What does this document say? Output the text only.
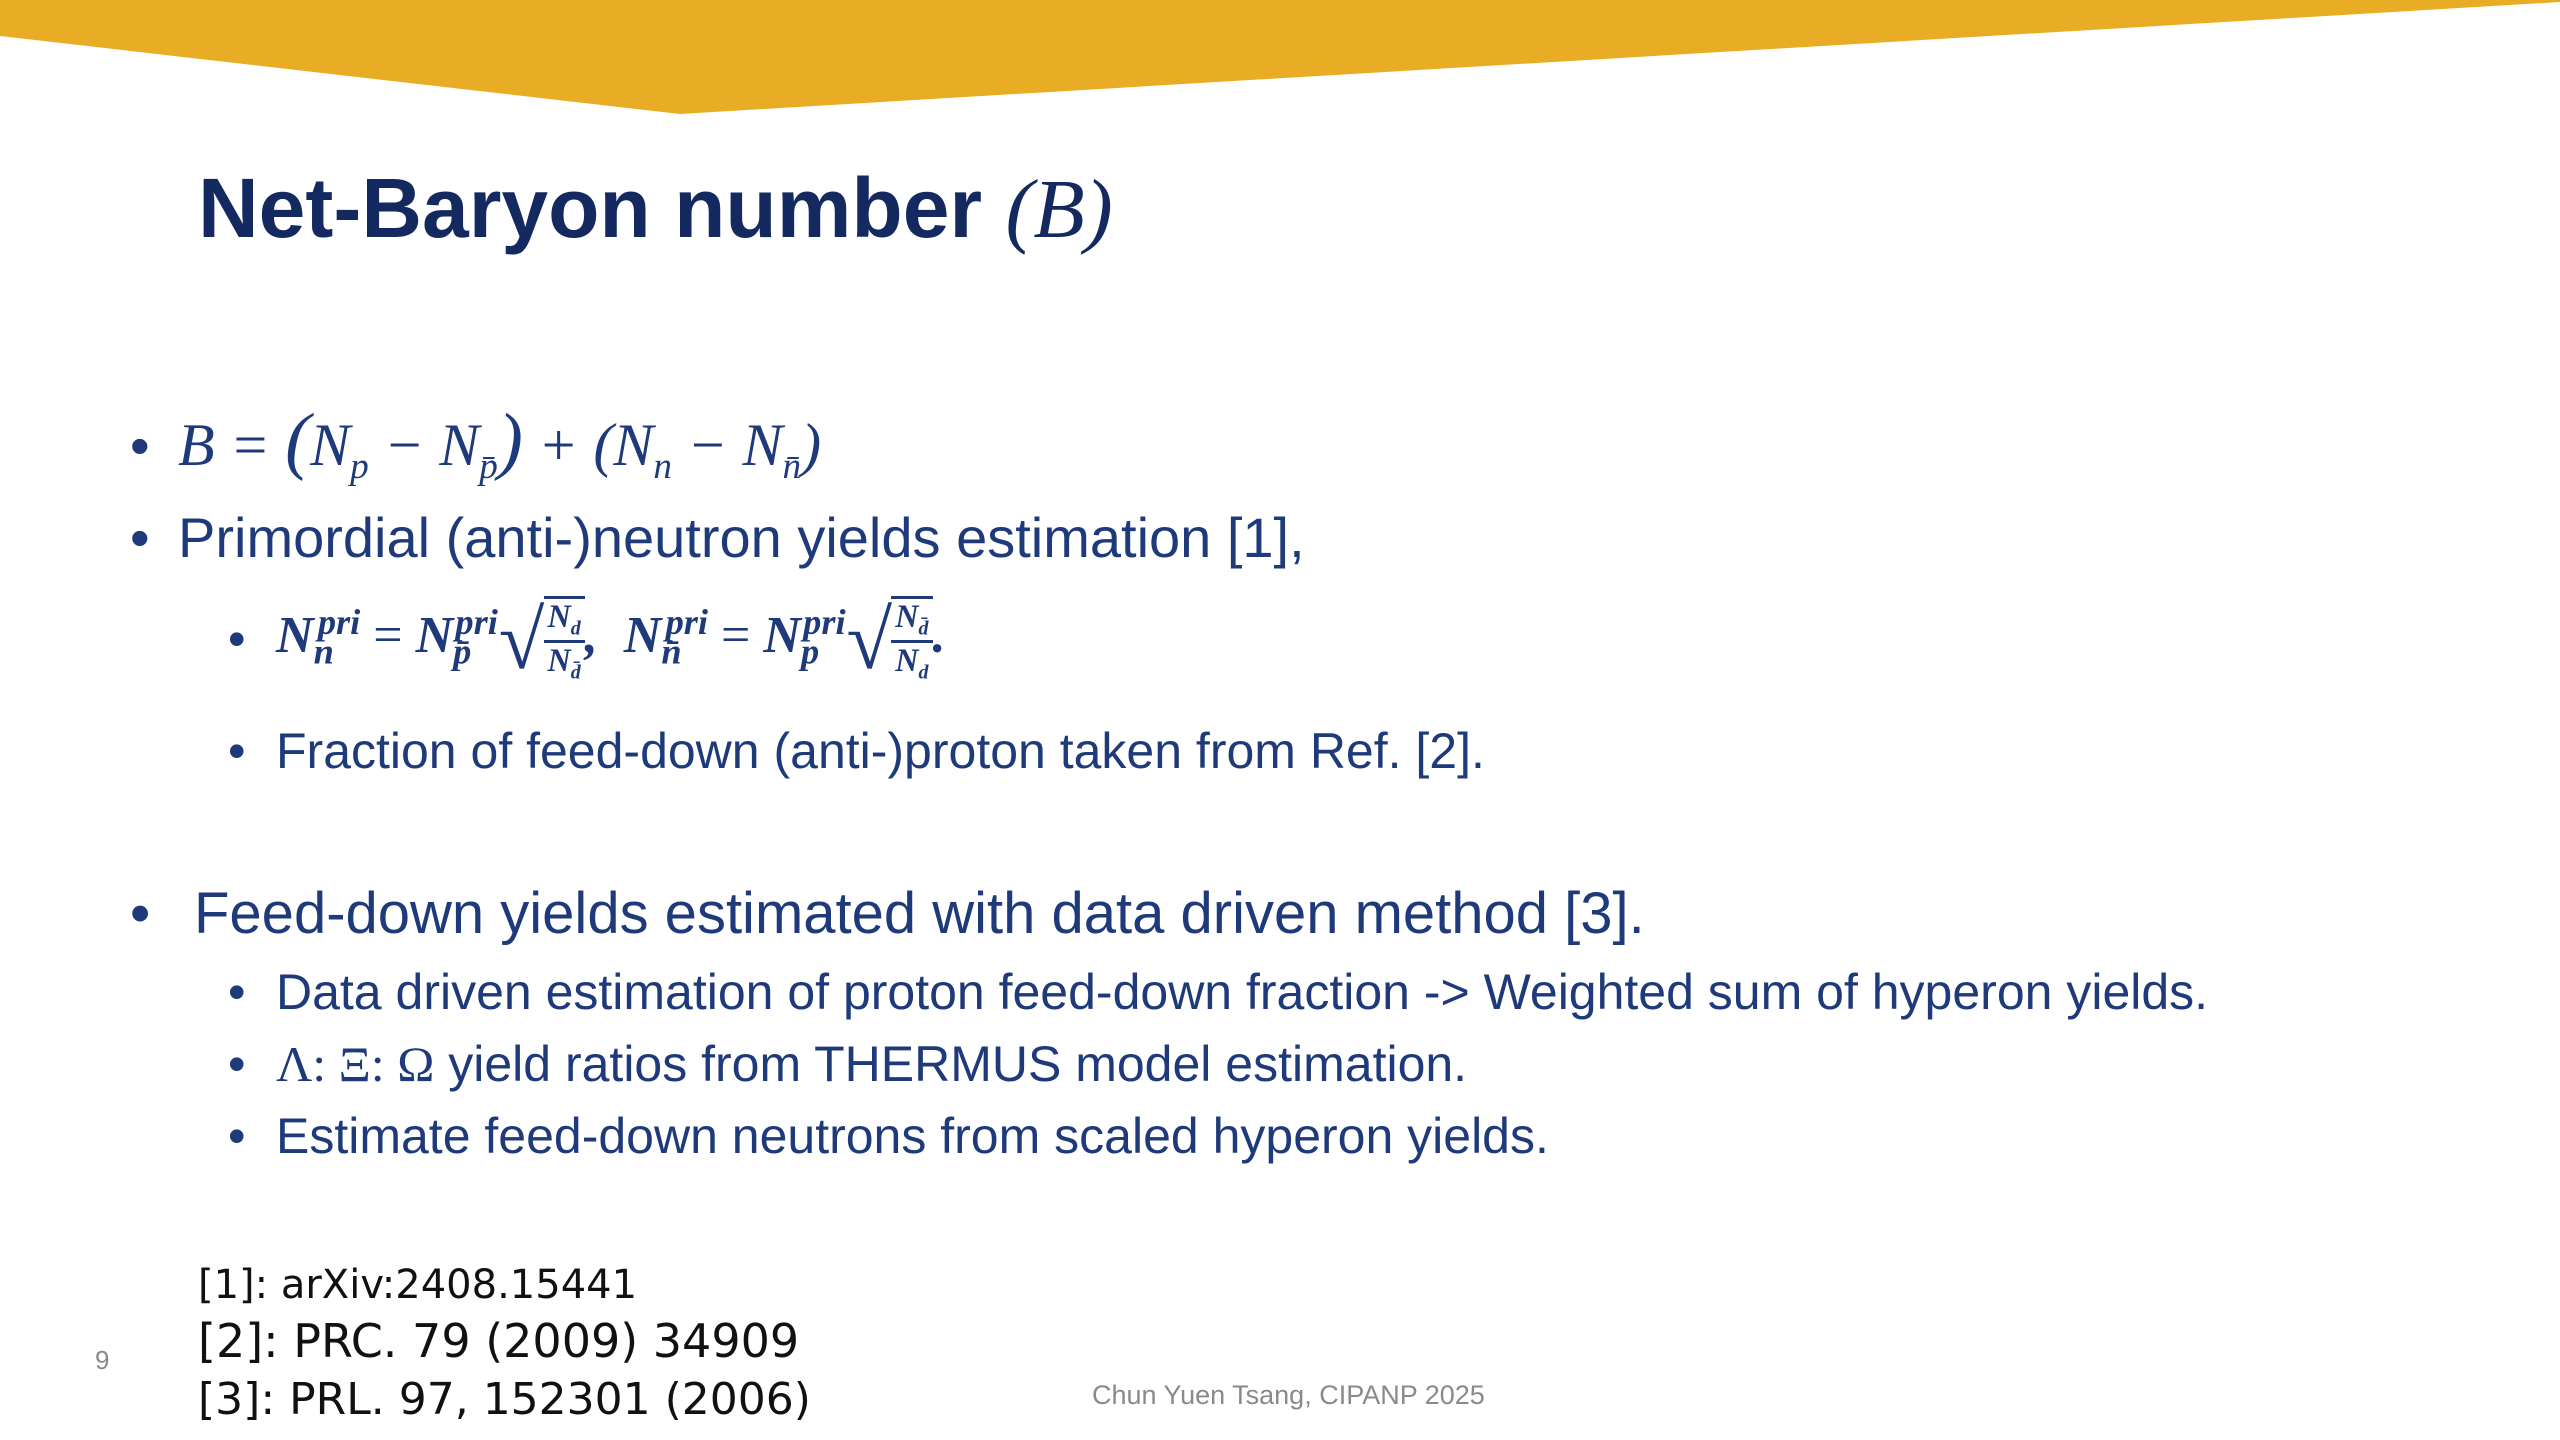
Net-Baryon number (B)
• $B = (N_p - N_{p̄}) + (N_n - N_{n̄})$
• Primordial (anti-)neutron yields estimation [1],
• $N_n^{pri} = N_{p̄}^{pri}√ \frac{N_d}{N_{d̄}}$ ,  $N_{n̄}^{pri} = N_p^{pri}√ \frac{N_{d̄}}{N_d}$ .
• Fraction of feed-down (anti-)proton taken from Ref. [2].
• Feed-down yields estimated with data driven method [3].
• Data driven estimation of proton feed-down fraction -> Weighted sum of hyperon yields.
• Λ: Ξ: Ω yield ratios from THERMUS model estimation.
• Estimate feed-down neutrons from scaled hyperon yields.
[1]: arXiv:2408.15441
[2]: PRC. 79 (2009) 34909
[3]: PRL. 97, 152301 (2006)
9
Chun Yuen Tsang, CIPANP 2025
